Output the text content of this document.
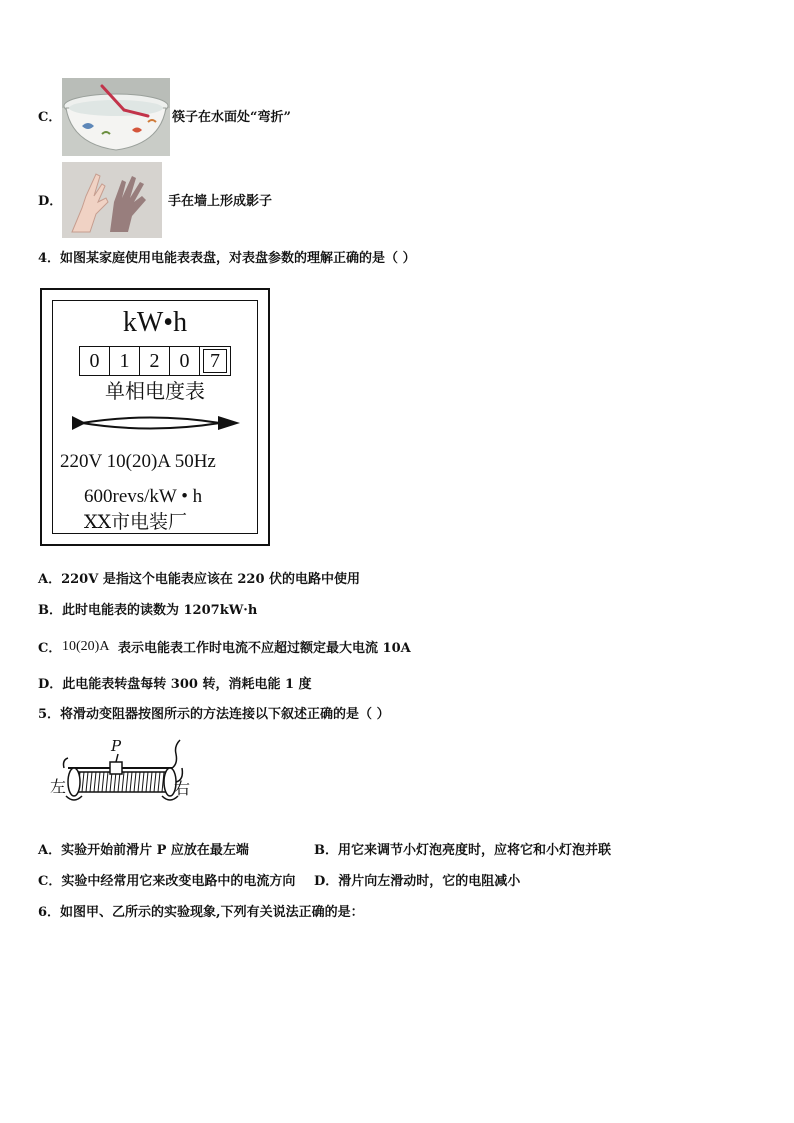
C．	筷子在水面处“弯折”
D．	手在墙上形成影子
4．如图某家庭使用电能表表盘，对表盘参数的理解正确的是（ ）
kW•h
0	1	2	0	7
单相电度表
220V 10(20)A 50Hz
600revs/kW • h
XX市电装厂
A．220V 是指这个电能表应该在 220 伏的电路中使用
B．此时电能表的读数为 1207kW·h
C． 10(20)A 表示电能表工作时电流不应超过额定最大电流 10A
D．此电能表转盘每转 300 转，消耗电能 1 度
5．将滑动变阻器按图所示的方法连接以下叙述正确的是（ ）
P
左	右
A．实验开始前滑片 P 应放在最左端	B．用它来调节小灯泡亮度时，应将它和小灯泡并联
C．实验中经常用它来改变电路中的电流方向 D．滑片向左滑动时，它的电阻减小
6．如图甲、乙所示的实验现象,下列有关说法正确的是：
